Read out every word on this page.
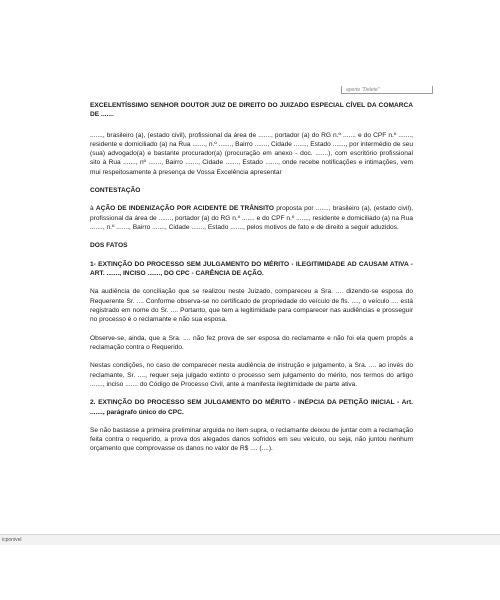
aperte "Delete"

EXCELENTÍSSIMO SENHOR DOUTOR JUIZ DE DIREITO DO JUIZADO ESPECIAL CÍVEL DA COMARCA DE .......

......., brasileiro (a), (estado civil), profissional da área de ......., portador (a) do RG n.º ....... e do CPF n.º ......., residente e domiciliado (a) na Rua ......., n.º ......., Bairro ......., Cidade ......., Estado ......., por intermédio de seu (sua) advogado(a) e bastante procurador(a) (procuração em anexo - doc. .......), com escritório profissional sito à Rua ......., nº ......., Bairro ......., Cidade ......., Estado ......., onde recebe notificações e intimações, vem mui respeitosamente à presença de Vossa Excelência apresentar

CONTESTAÇÃO

à AÇÃO DE INDENIZAÇÃO POR ACIDENTE DE TRÂNSITO proposta por ......., brasileiro (a), (estado civil), profissional da área de ......., portador (a) do RG n.º ....... e do CPF n.º ......., residente e domiciliado (a) na Rua ......., n.º ......., Bairro ......., Cidade ......., Estado ......., pelos motivos de fato e de direito a seguir aduzidos.

DOS FATOS

1- EXTINÇÃO DO PROCESSO SEM JULGAMENTO DO MÉRITO - ILEGITIMIDADE AD CAUSAM ATIVA - ART. ......., INCISO ......., DO CPC - CARÊNCIA DE AÇÃO.

Na audiência de conciliação que se realizou neste Juizado, compareceu a Sra. .... dizendo-se esposa do Requerente Sr. .... Conforme observa-se no certificado de propriedade do veículo de fls. ...., o veículo .... está registrado em nome do Sr. .... Portanto, que tem a legitimidade para comparecer nas audiências e prosseguir no processo é o reclamante e não sua esposa.

Observe-se, ainda, que a Sra. .... não fez prova de ser esposa do reclamante e não foi ela quem propôs a reclamação contra o Requerido.

Nestas condições, no caso de comparecer nesta audiência de instrução e julgamento, a Sra. .... ao invés do reclamante, Sr. ...., requer seja julgado extinto o processo sem julgamento do mérito, nos termos do artigo ......., inciso ....... do Código de Processo Civil, ante a manifesta ilegitimidade de parte ativa.

2. EXTINÇÃO DO PROCESSO SEM JULGAMENTO DO MÉRITO - INÉPCIA DA PETIÇÃO INICIAL - Art. ......., parágrafo único do CPC.

Se não bastasse a primeira preliminar arguida no item supra, o reclamante deixou de juntar com a reclamação feita contra o requerido, a prova dos alegados danos sofridos em seu veículo, ou seja, não juntou nenhum orçamento que comprovasse os danos no valor de R$ .... (....).

icponivel
